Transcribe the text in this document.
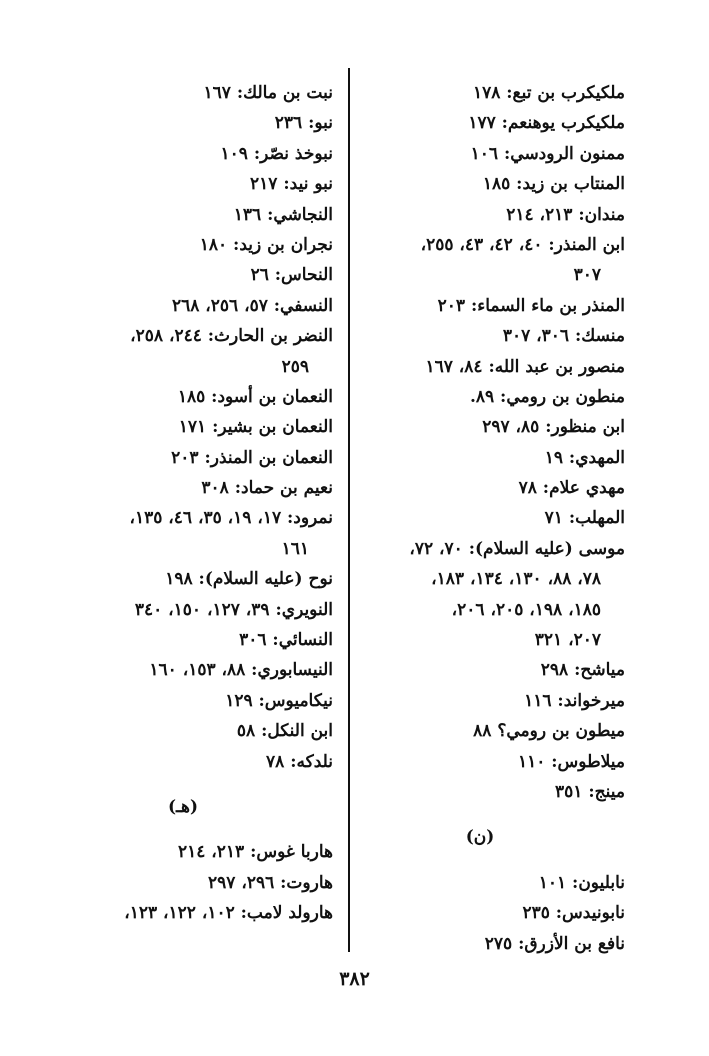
ملكيكرب بن تبع: ١٧٨
ملكيكرب يوهنعم: ١٧٧
ممنون الرودسي: ١٠٦
المنتاب بن زيد: ١٨٥
مندان: ٢١٣، ٢١٤
ابن المنذر: ٤٠، ٤٢، ٤٣، ٢٥٥،
٣٠٧
المنذر بن ماء السماء: ٢٠٣
منسك: ٣٠٦، ٣٠٧
منصور بن عبد الله: ٨٤، ١٦٧
منطون بن رومي: ٨٩.
ابن منظور: ٨٥، ٢٩٧
المهدي: ١٩
مهدي علام: ٧٨
المهلب: ٧١
موسى (عليه السلام): ٧٠، ٧٢،
٧٨، ٨٨، ١٣٠، ١٣٤، ١٨٣،
١٨٥، ١٩٨، ٢٠٥، ٢٠٦،
٢٠٧، ٣٢١
مياشح: ٢٩٨
ميرخواند: ١١٦
ميطون بن رومي؟ ٨٨
ميلاطوس: ١١٠
مينج: ٣٥١
(ن)
نابليون: ١٠١
نابونيدس: ٢٣٥
نافع بن الأزرق: ٢٧٥
نبت بن مالك: ١٦٧
نبو: ٢٣٦
نبوخذ نصّر: ١٠٩
نبو نيد: ٢١٧
النجاشي: ١٣٦
نجران بن زيد: ١٨٠
النحاس: ٢٦
النسفي: ٥٧، ٢٥٦، ٢٦٨
النضر بن الحارث: ٢٤٤، ٢٥٨،
٢٥٩
النعمان بن أسود: ١٨٥
النعمان بن بشير: ١٧١
النعمان بن المنذر: ٢٠٣
نعيم بن حماد: ٣٠٨
نمرود: ١٧، ١٩، ٣٥، ٤٦، ١٣٥،
١٦١
نوح (عليه السلام): ١٩٨
النويري: ٣٩، ١٢٧، ١٥٠، ٣٤٠
النسائي: ٣٠٦
النيسابوري: ٨٨، ١٥٣، ١٦٠
نيكاميوس: ١٢٩
ابن النكل: ٥٨
نلدكه: ٧٨
(هـ)
هاربا غوس: ٢١٣، ٢١٤
هاروت: ٢٩٦، ٢٩٧
هارولد لامب: ١٠٢، ١٢٢، ١٢٣،
٣٨٢
